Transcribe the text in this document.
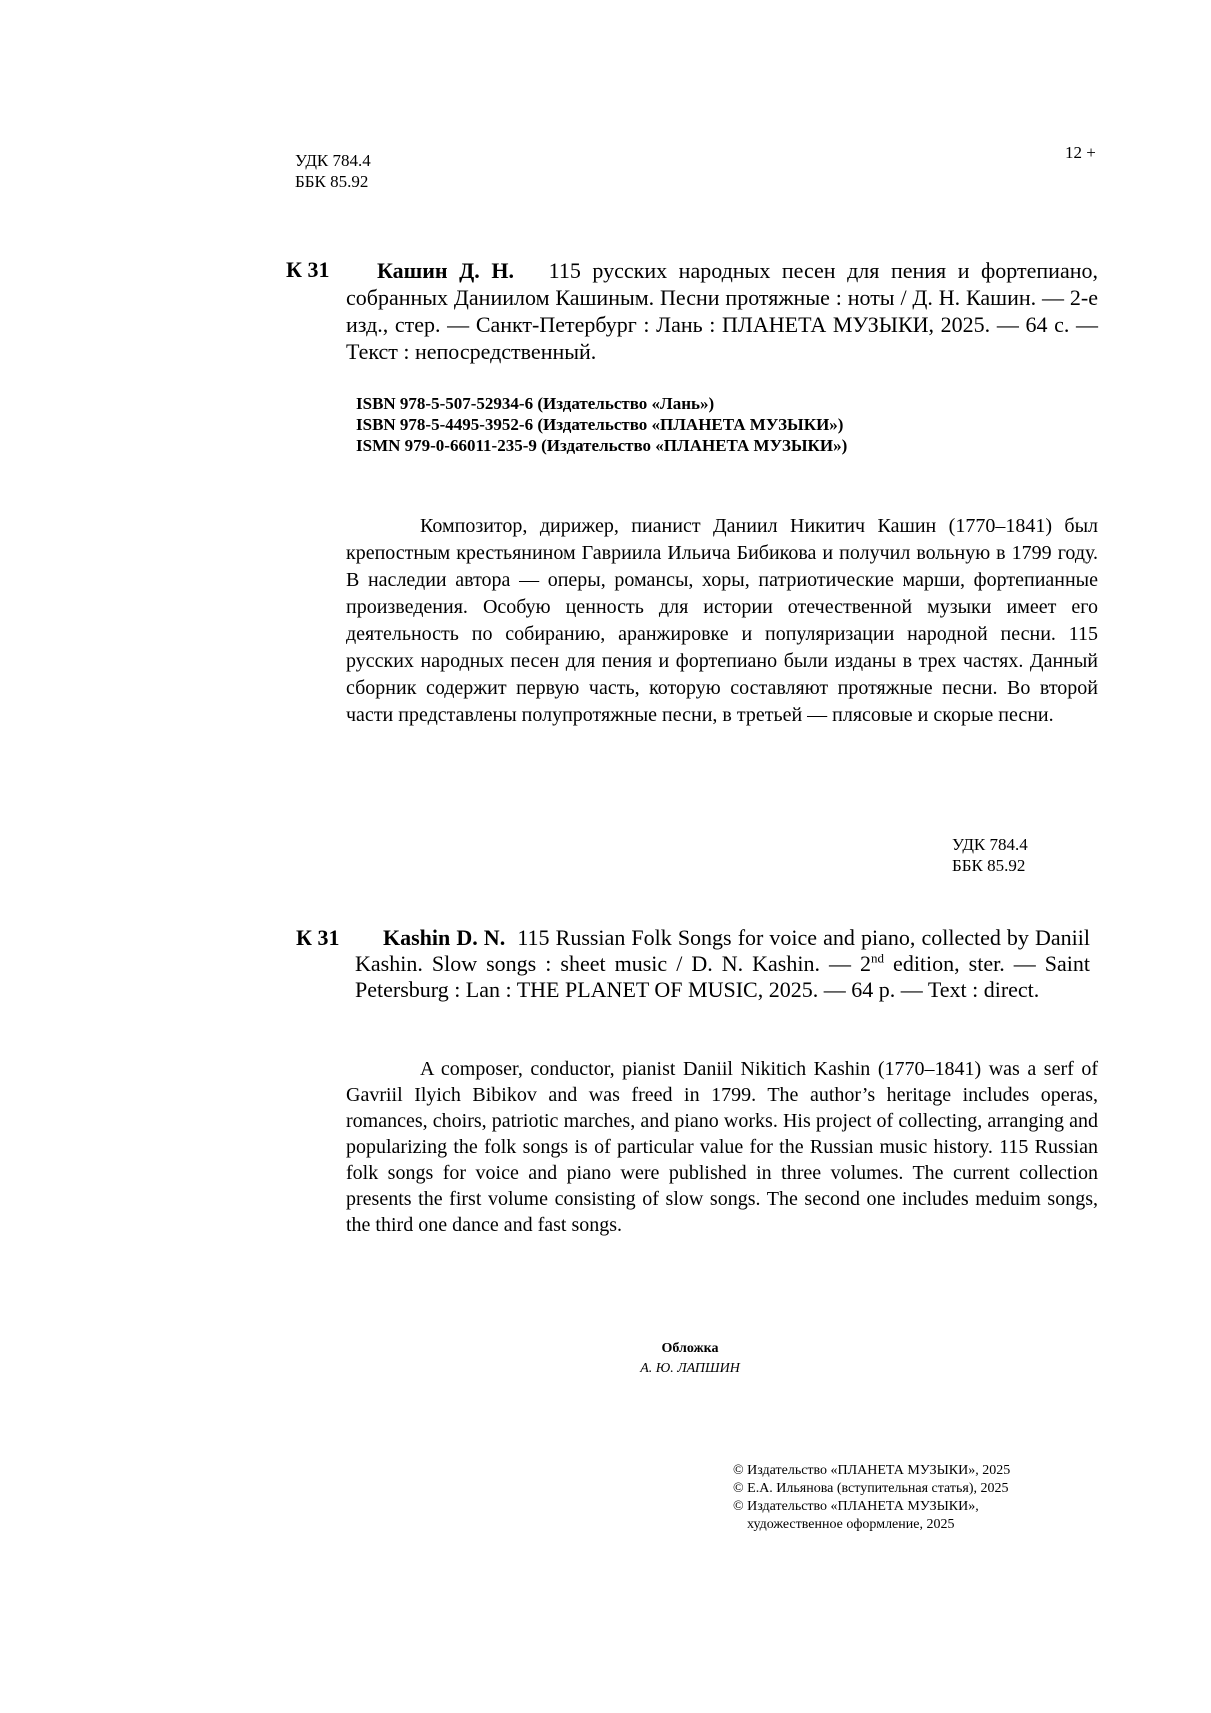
УДК 784.4
ББК 85.92
12 +
К 31	Кашин Д. Н. 115 русских народных песен для пения и фортепиано, собранных Даниилом Кашиным. Песни протяжные : ноты / Д. Н. Кашин. — 2-е изд., стер. — Санкт-Петербург : Лань : ПЛАНЕТА МУЗЫКИ, 2025. — 64 с. — Текст : непосредственный.
ISBN 978-5-507-52934-6 (Издательство «Лань»)
ISBN 978-5-4495-3952-6 (Издательство «ПЛАНЕТА МУЗЫКИ»)
ISMN 979-0-66011-235-9 (Издательство «ПЛАНЕТА МУЗЫКИ»)

Композитор, дирижер, пианист Даниил Никитич Кашин (1770–1841) был крепостным крестьянином Гавриила Ильича Бибикова и получил вольную в 1799 году. В наследии автора — оперы, романсы, хоры, патриотические марши, фортепианные произведения. Особую ценность для истории отечественной музыки имеет его деятельность по собиранию, аранжировке и популяризации народной песни. 115 русских народных песен для пения и фортепиано были изданы в трех частях. Данный сборник содержит первую часть, которую составляют протяжные песни. Во второй части представлены полупротяжные песни, в третьей — плясовые и скорые песни.

УДК 784.4
ББК 85.92
К 31	Kashin D. N. 115 Russian Folk Songs for voice and piano, collected by Daniil Kashin. Slow songs : sheet music / D. N. Kashin. — 2nd edition, ster. — Saint Petersburg : Lan : THE PLANET OF MUSIC, 2025. — 64 p. — Text : direct.

A composer, conductor, pianist Daniil Nikitich Kashin (1770–1841) was a serf of Gavriil Ilyich Bibikov and was freed in 1799. The author’s heritage includes operas, romances, choirs, patriotic marches, and piano works. His project of collecting, arranging and popularizing the folk songs is of particular value for the Russian music history. 115 Russian folk songs for voice and piano were published in three volumes. The current collection presents the first volume consisting of slow songs. The second one includes meduim songs, the third one dance and fast songs.

Обложка
А. Ю. ЛАПШИН
© Издательство «ПЛАНЕТА МУЗЫКИ», 2025
© Е.А. Ильянова (вступительная статья), 2025
© Издательство «ПЛАНЕТА МУЗЫКИ»,
художественное оформление, 2025
